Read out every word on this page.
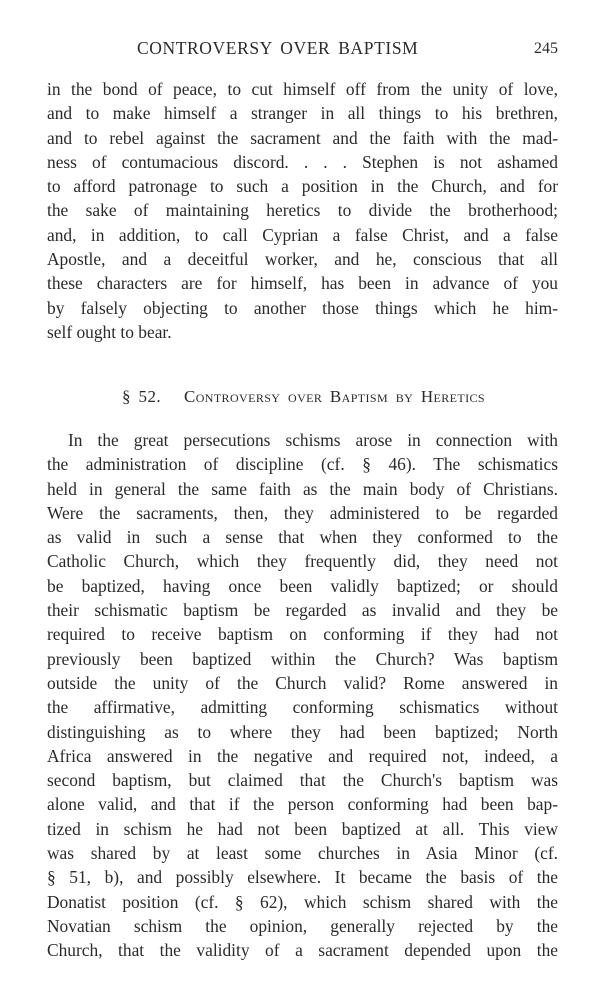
CONTROVERSY OVER BAPTISM	245
in the bond of peace, to cut himself off from the unity of love,
and to make himself a stranger in all things to his brethren,
and to rebel against the sacrament and the faith with the mad-
ness of contumacious discord. . . . Stephen is not ashamed
to afford patronage to such a position in the Church, and for
the sake of maintaining heretics to divide the brotherhood;
and, in addition, to call Cyprian a false Christ, and a false
Apostle, and a deceitful worker, and he, conscious that all
these characters are for himself, has been in advance of you
by falsely objecting to another those things which he him-
self ought to bear.
§ 52. Controversy over Baptism by Heretics
In the great persecutions schisms arose in connection with
the administration of discipline (cf. § 46). The schismatics
held in general the same faith as the main body of Christians.
Were the sacraments, then, they administered to be regarded
as valid in such a sense that when they conformed to the
Catholic Church, which they frequently did, they need not
be baptized, having once been validly baptized; or should
their schismatic baptism be regarded as invalid and they be
required to receive baptism on conforming if they had not
previously been baptized within the Church? Was baptism
outside the unity of the Church valid? Rome answered in
the affirmative, admitting conforming schismatics without
distinguishing as to where they had been baptized; North
Africa answered in the negative and required not, indeed, a
second baptism, but claimed that the Church's baptism was
alone valid, and that if the person conforming had been bap-
tized in schism he had not been baptized at all. This view
was shared by at least some churches in Asia Minor (cf.
§ 51, b), and possibly elsewhere. It became the basis of the
Donatist position (cf. § 62), which schism shared with the
Novatian schism the opinion, generally rejected by the
Church, that the validity of a sacrament depended upon the
